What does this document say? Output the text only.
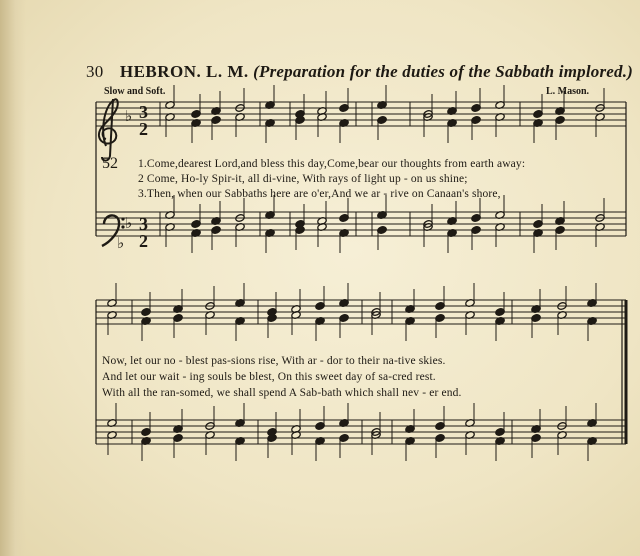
30 HEBRON. L. M. (Preparation for the duties of the Sabbath implored.)
Slow and Soft.	L. Mason.
52 1.Come,dearest Lord,and bless this day,Come,bear our thoughts from earth away:
2 Come, Ho-ly Spir-it, all di-vine, With rays of light up - on us shine;
3.Then, when our Sabbaths here are o'er,And we ar - rive on Canaan's shore,
Now, let our no - blest pas-sions rise, With ar - dor to their na-tive skies.
And let our wait - ing souls be blest, On this sweet day of sa-cred rest.
With all the ran-somed, we shall spend A Sab-bath which shall nev - er end.
♭ 3
2
♭
♭
3
2
